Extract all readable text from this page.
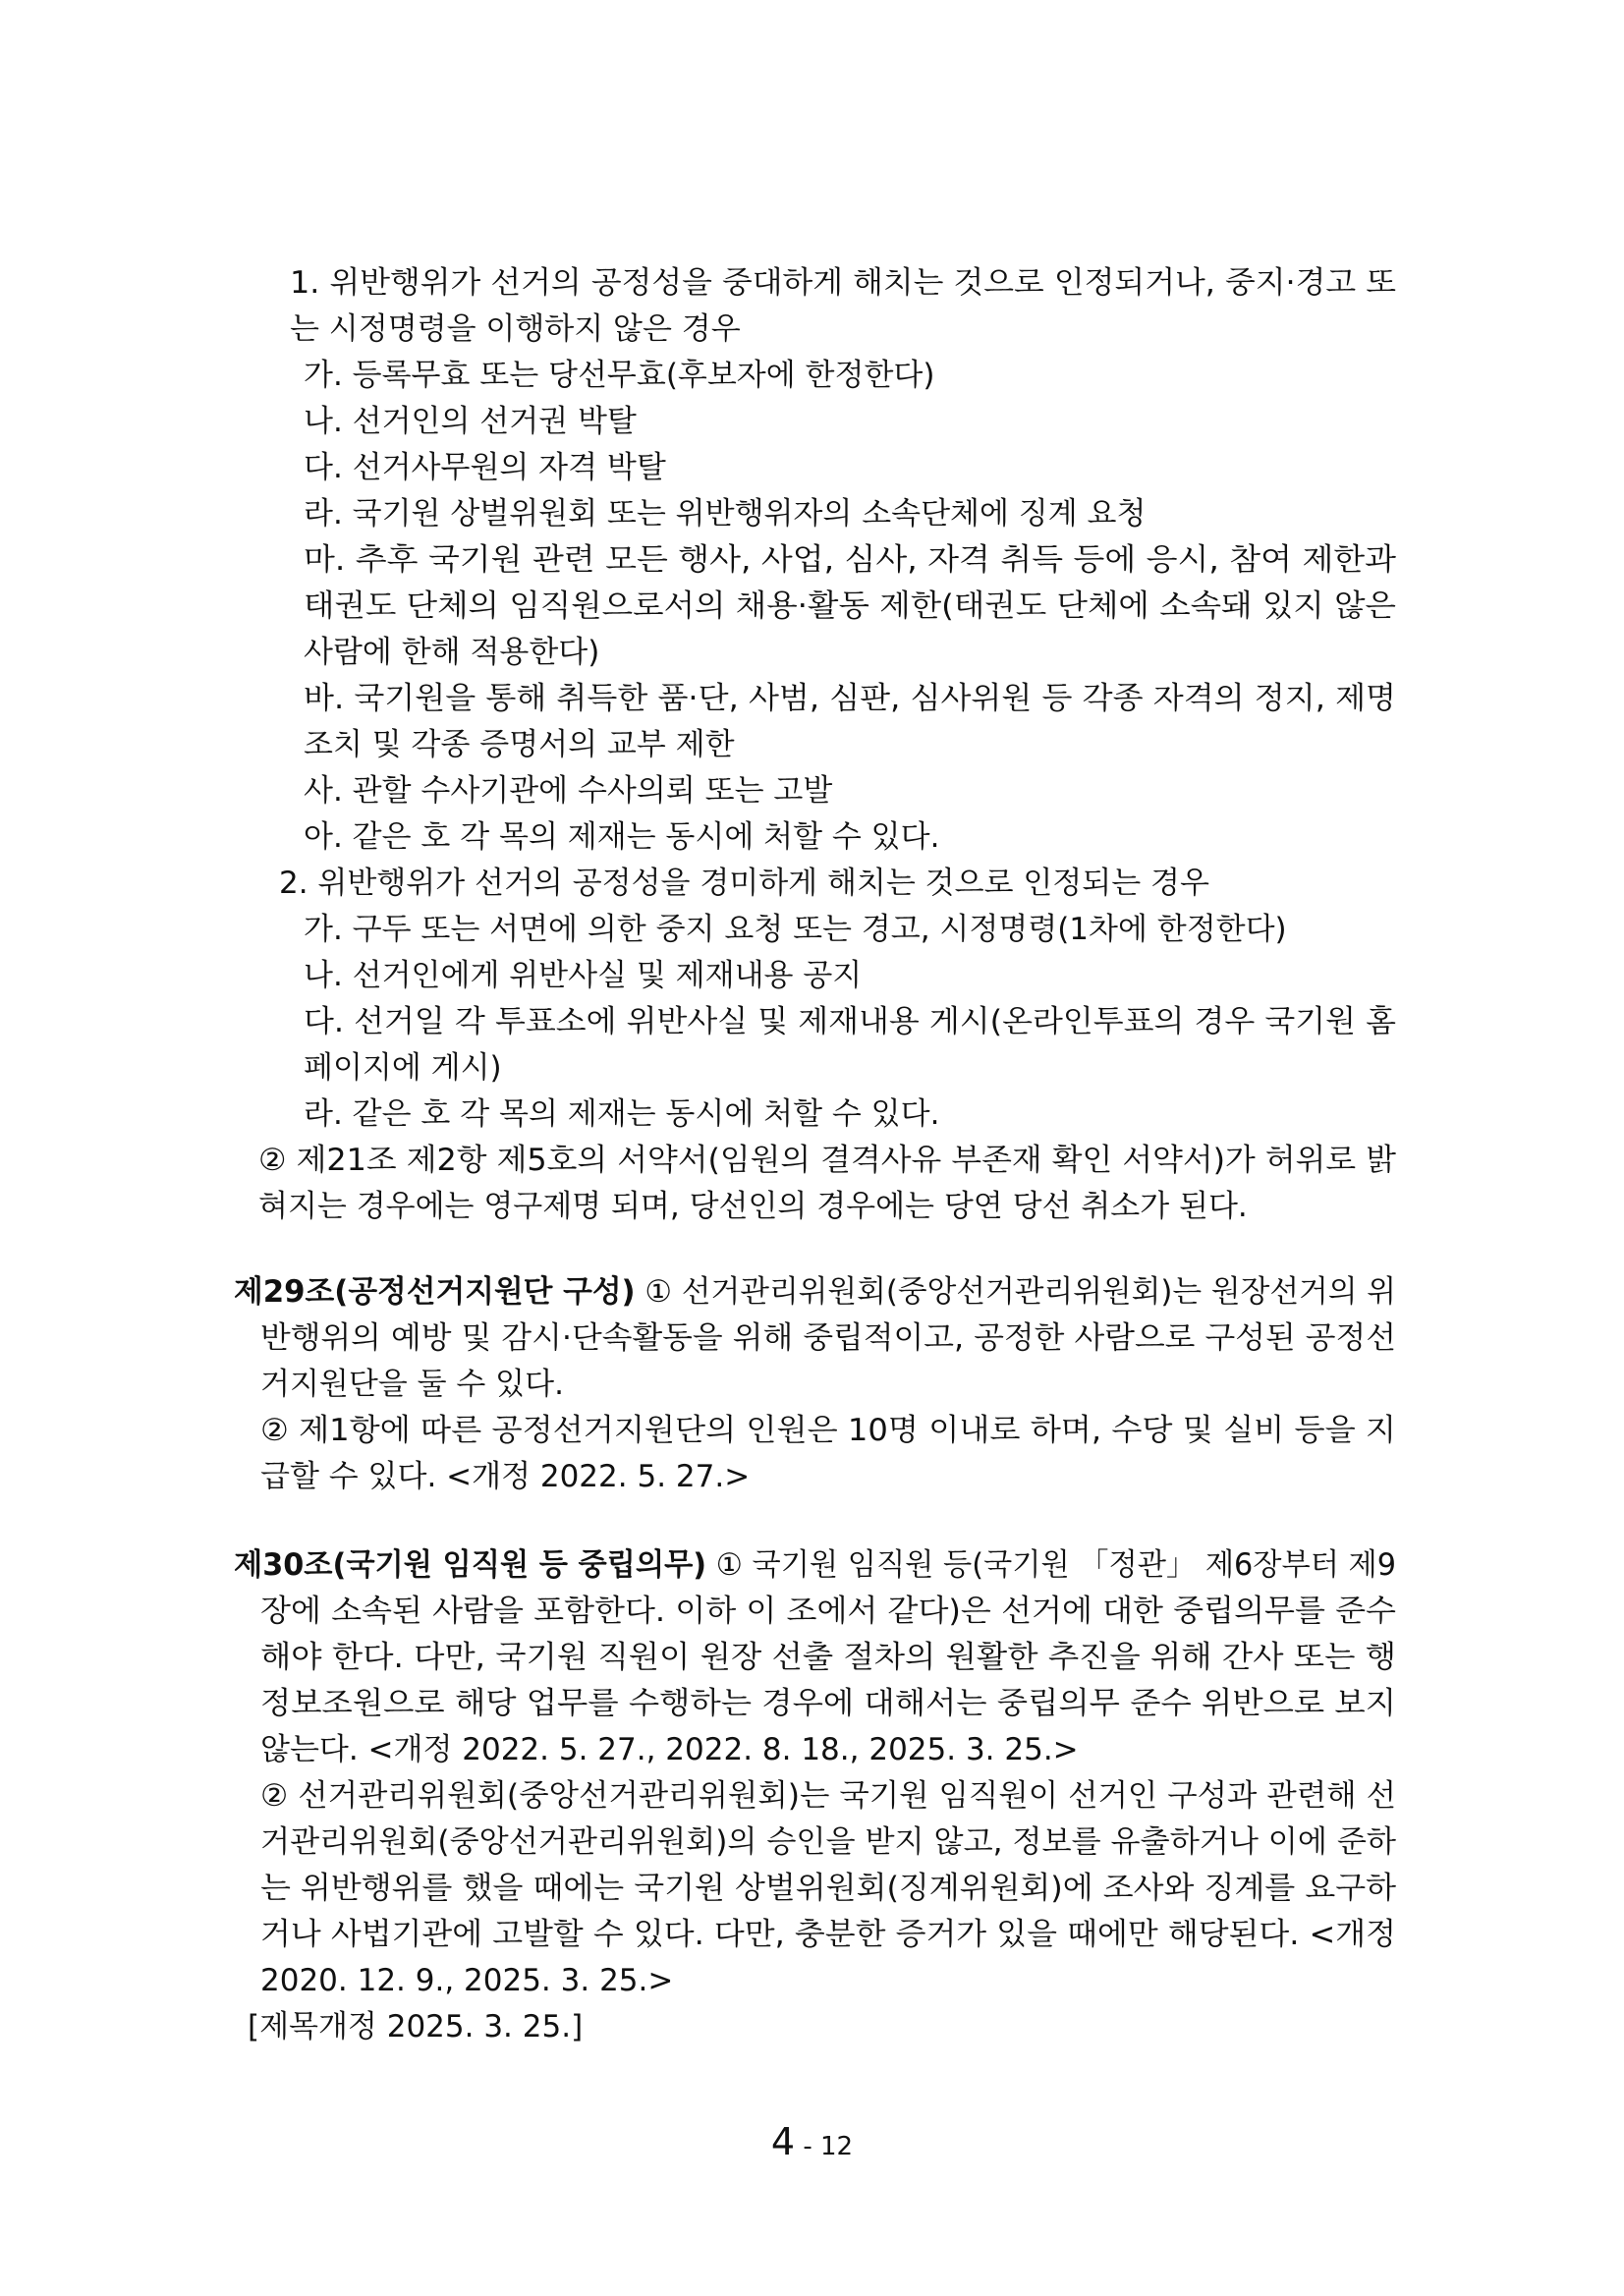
1. 위반행위가 선거의 공정성을 중대하게 해치는 것으로 인정되거나, 중지·경고 또
는 시정명령을 이행하지 않은 경우
가. 등록무효 또는 당선무효(후보자에 한정한다)
나. 선거인의 선거권 박탈
다. 선거사무원의 자격 박탈
라. 국기원 상벌위원회 또는 위반행위자의 소속단체에 징계 요청
마. 추후 국기원 관련 모든 행사, 사업, 심사, 자격 취득 등에 응시, 참여 제한과
태권도 단체의 임직원으로서의 채용·활동 제한(태권도 단체에 소속돼 있지 않은
사람에 한해 적용한다)
바. 국기원을 통해 취득한 품·단, 사범, 심판, 심사위원 등 각종 자격의 정지, 제명
조치 및 각종 증명서의 교부 제한
사. 관할 수사기관에 수사의뢰 또는 고발
아. 같은 호 각 목의 제재는 동시에 처할 수 있다.
2. 위반행위가 선거의 공정성을 경미하게 해치는 것으로 인정되는 경우
가. 구두 또는 서면에 의한 중지 요청 또는 경고, 시정명령(1차에 한정한다)
나. 선거인에게 위반사실 및 제재내용 공지
다. 선거일 각 투표소에 위반사실 및 제재내용 게시(온라인투표의 경우 국기원 홈
페이지에 게시)
라. 같은 호 각 목의 제재는 동시에 처할 수 있다.
② 제21조 제2항 제5호의 서약서(임원의 결격사유 부존재 확인 서약서)가 허위로 밝
혀지는 경우에는 영구제명 되며, 당선인의 경우에는 당연 당선 취소가 된다.
제29조(공정선거지원단 구성) ① 선거관리위원회(중앙선거관리위원회)는 원장선거의 위
반행위의 예방 및 감시·단속활동을 위해 중립적이고, 공정한 사람으로 구성된 공정선
거지원단을 둘 수 있다.
② 제1항에 따른 공정선거지원단의 인원은 10명 이내로 하며, 수당 및 실비 등을 지
급할 수 있다. <개정 2022. 5. 27.>
제30조(국기원 임직원 등 중립의무) ① 국기원 임직원 등(국기원 「정관」 제6장부터 제9
장에 소속된 사람을 포함한다. 이하 이 조에서 같다)은 선거에 대한 중립의무를 준수
해야 한다. 다만, 국기원 직원이 원장 선출 절차의 원활한 추진을 위해 간사 또는 행
정보조원으로 해당 업무를 수행하는 경우에 대해서는 중립의무 준수 위반으로 보지
않는다. <개정 2022. 5. 27., 2022. 8. 18., 2025. 3. 25.>
② 선거관리위원회(중앙선거관리위원회)는 국기원 임직원이 선거인 구성과 관련해 선
거관리위원회(중앙선거관리위원회)의 승인을 받지 않고, 정보를 유출하거나 이에 준하
는 위반행위를 했을 때에는 국기원 상벌위원회(징계위원회)에 조사와 징계를 요구하
거나 사법기관에 고발할 수 있다. 다만, 충분한 증거가 있을 때에만 해당된다. <개정
2020. 12. 9., 2025. 3. 25.>
[제목개정 2025. 3. 25.]
4 - 12
